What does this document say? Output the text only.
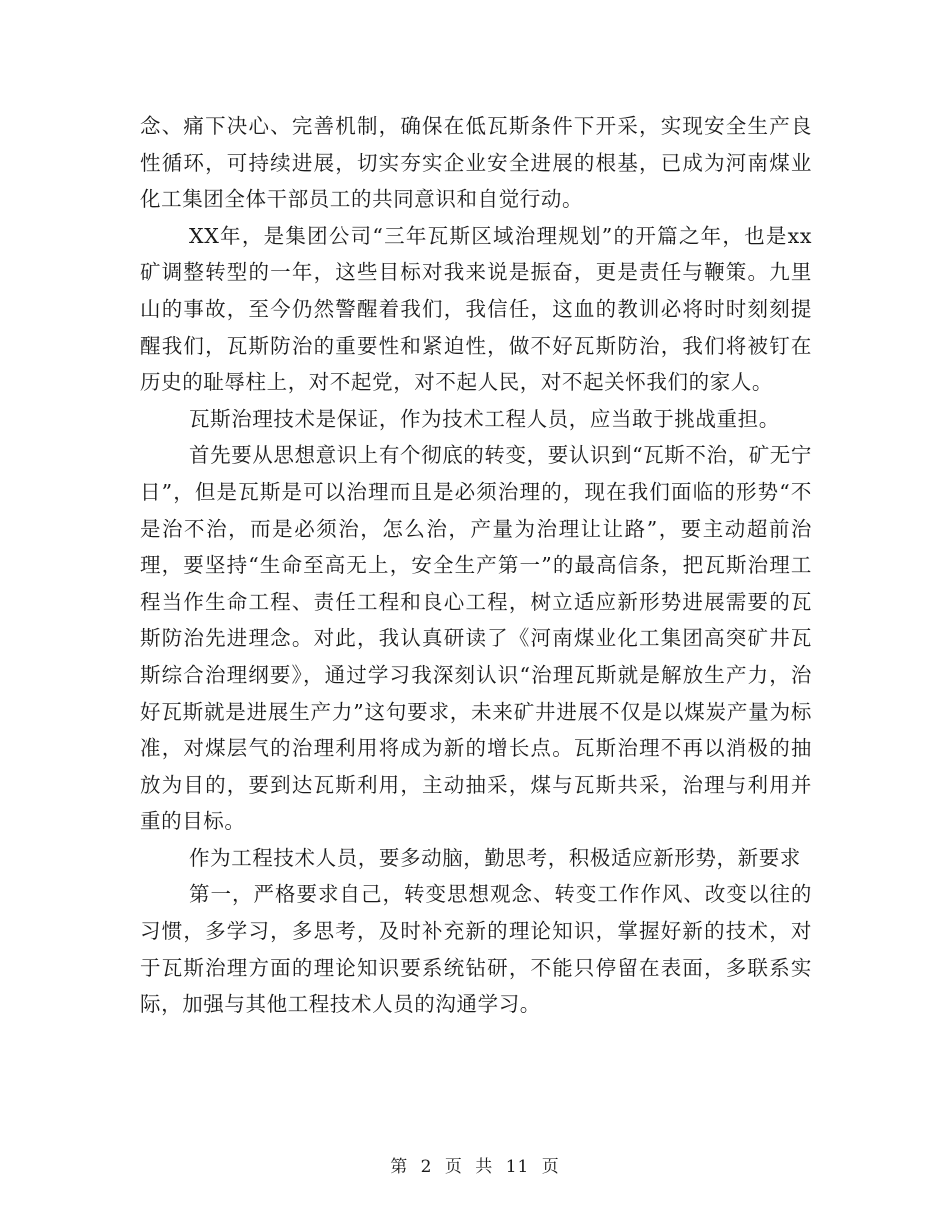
念、痛下决心、完善机制，确保在低瓦斯条件下开采，实现安全生产良性循环，可持续进展，切实夯实企业安全进展的根基，已成为河南煤业化工集团全体干部员工的共同意识和自觉行动。

XX年，是集团公司“三年瓦斯区域治理规划”的开篇之年，也是xx矿调整转型的一年，这些目标对我来说是振奋，更是责任与鞭策。九里山的事故，至今仍然警醒着我们，我信任，这血的教训必将时时刻刻提醒我们，瓦斯防治的重要性和紧迫性，做不好瓦斯防治，我们将被钉在历史的耻辱柱上，对不起党，对不起人民，对不起关怀我们的家人。

瓦斯治理技术是保证，作为技术工程人员，应当敢于挑战重担。

首先要从思想意识上有个彻底的转变，要认识到“瓦斯不治，矿无宁日”，但是瓦斯是可以治理而且是必须治理的，现在我们面临的形势“不是治不治，而是必须治，怎么治，产量为治理让让路”，要主动超前治理，要坚持“生命至高无上，安全生产第一”的最高信条，把瓦斯治理工程当作生命工程、责任工程和良心工程，树立适应新形势进展需要的瓦斯防治先进理念。对此，我认真研读了《河南煤业化工集团高突矿井瓦斯综合治理纲要》，通过学习我深刻认识“治理瓦斯就是解放生产力，治好瓦斯就是进展生产力”这句要求，未来矿井进展不仅是以煤炭产量为标准，对煤层气的治理利用将成为新的增长点。瓦斯治理不再以消极的抽放为目的，要到达瓦斯利用，主动抽采，煤与瓦斯共采，治理与利用并重的目标。

作为工程技术人员，要多动脑，勤思考，积极适应新形势，新要求

第一，严格要求自己，转变思想观念、转变工作作风、改变以往的习惯，多学习，多思考，及时补充新的理论知识，掌握好新的技术，对于瓦斯治理方面的理论知识要系统钻研，不能只停留在表面，多联系实际，加强与其他工程技术人员的沟通学习。

第 2 页 共 11 页
